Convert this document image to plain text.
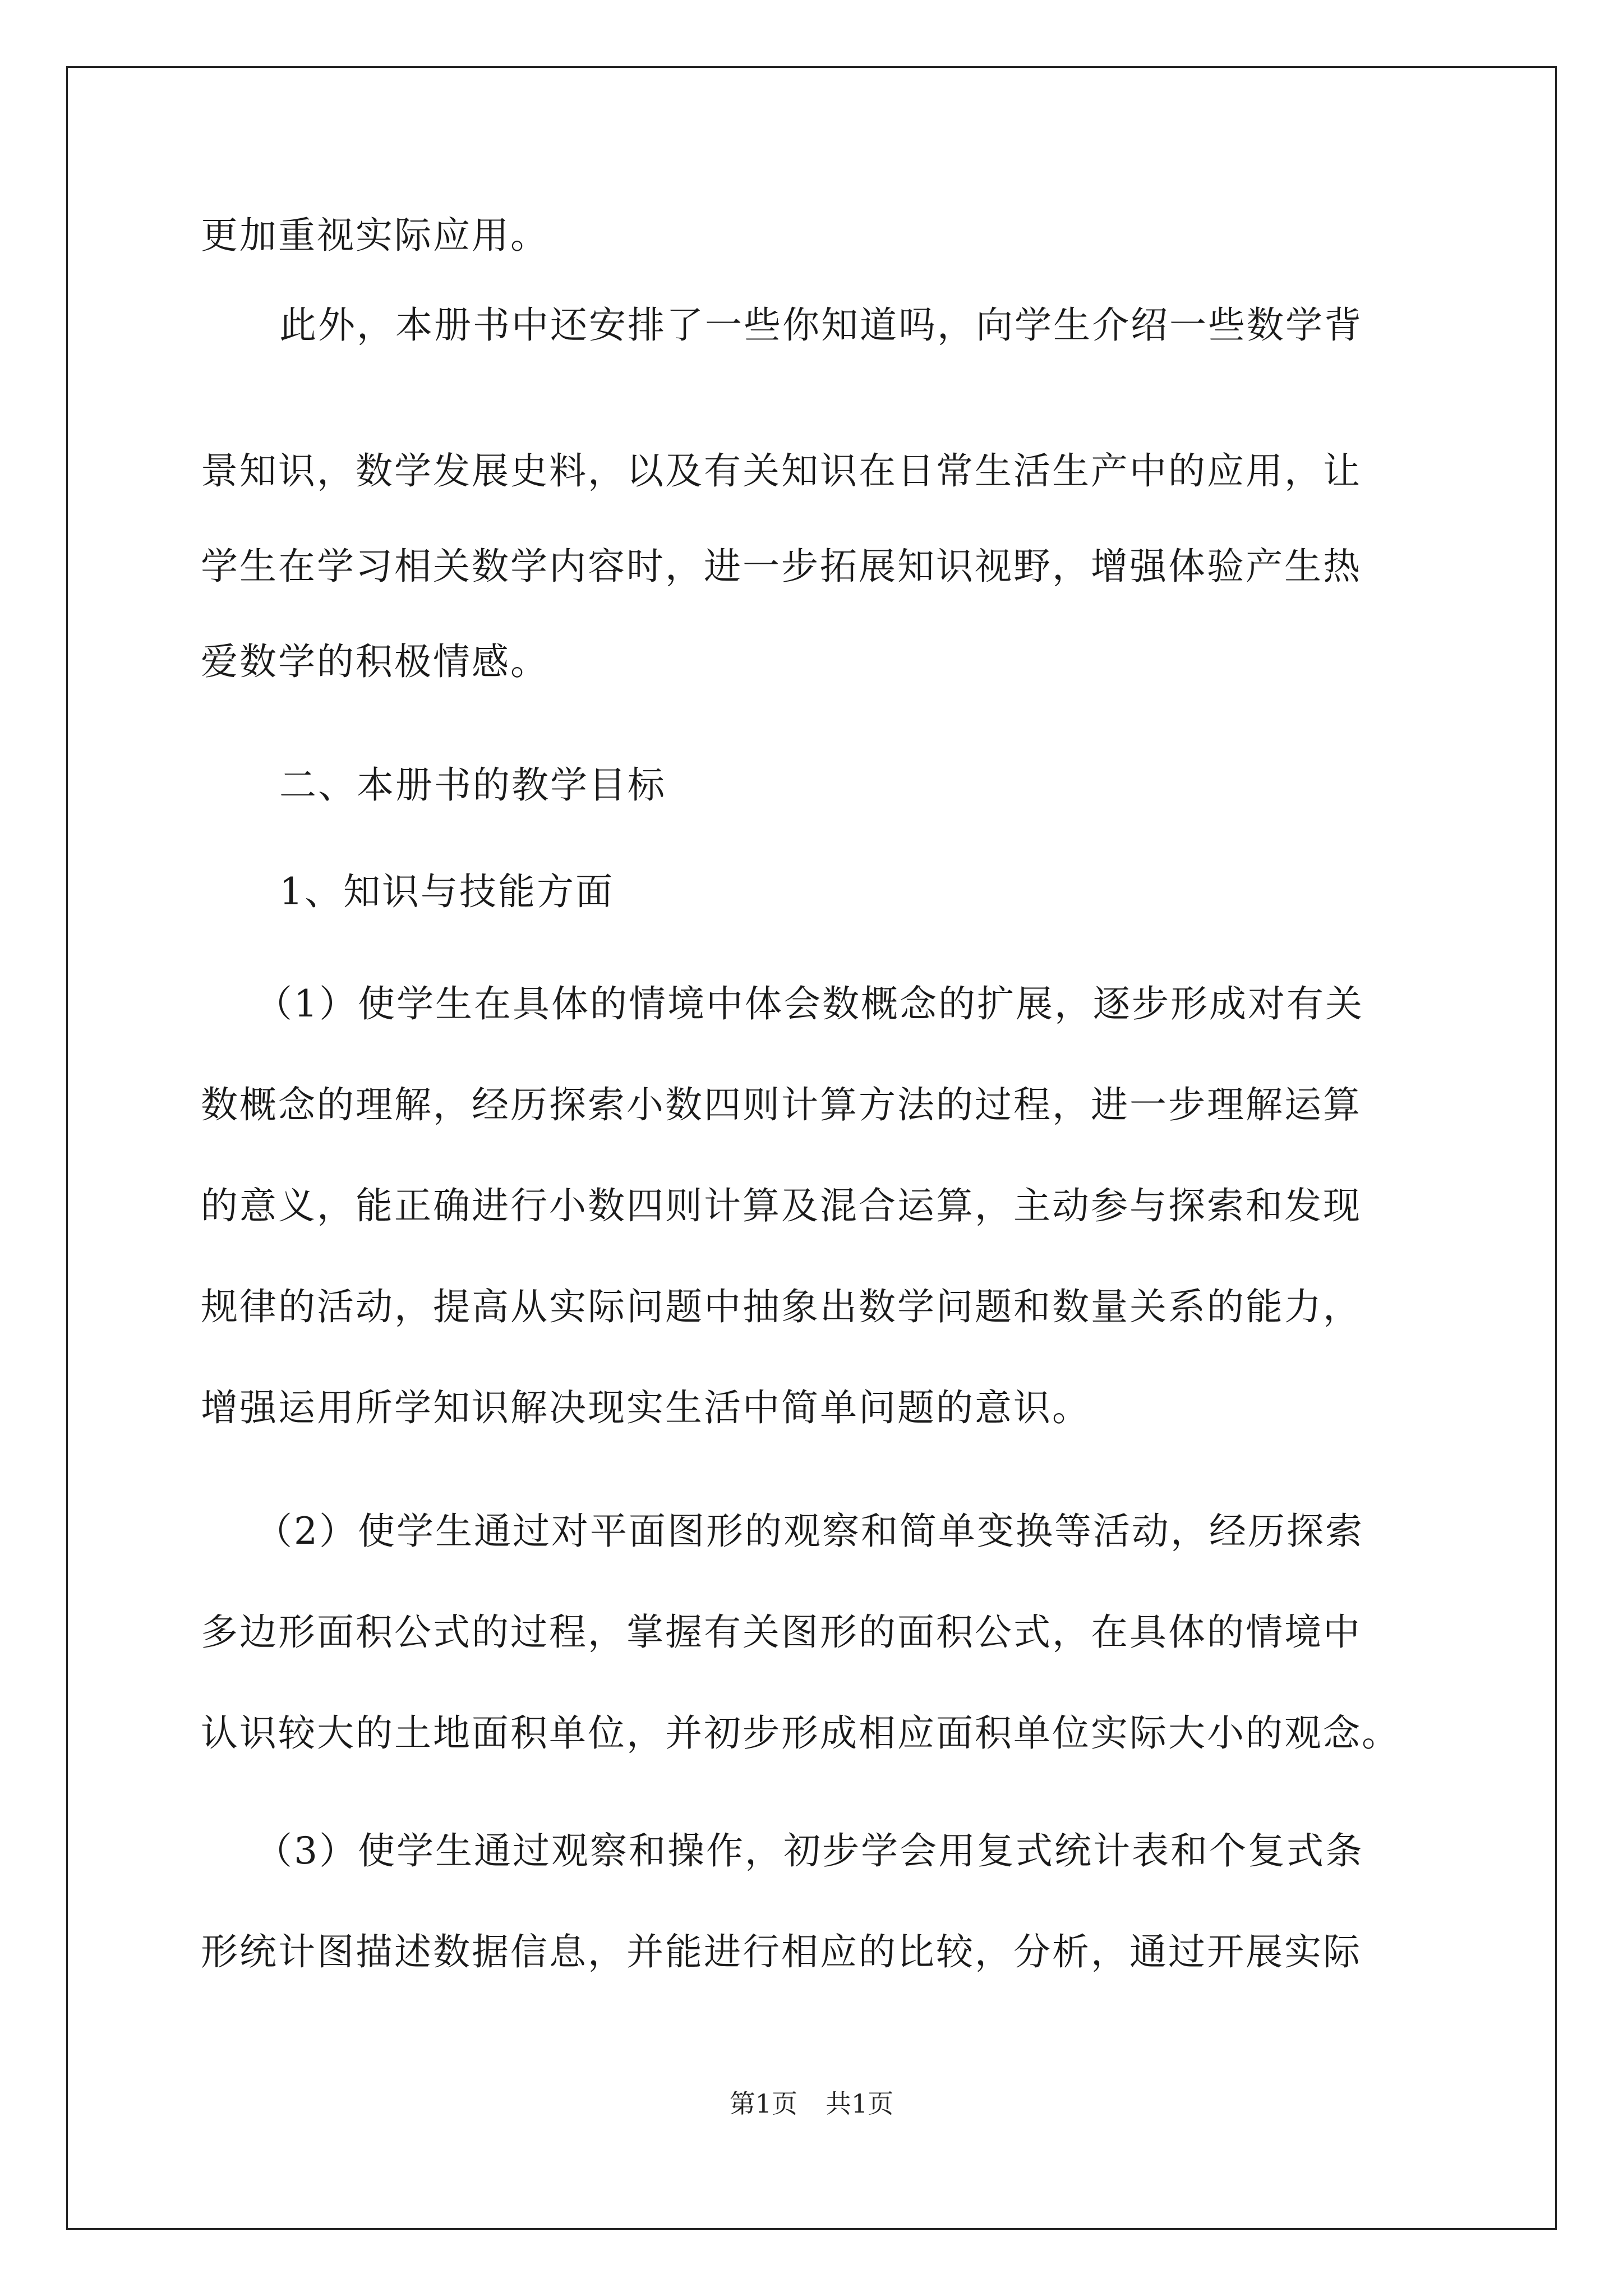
更加重视实际应用。
此外，本册书中还安排了一些你知道吗，向学生介绍一些数学背
景知识，数学发展史料，以及有关知识在日常生活生产中的应用，让
学生在学习相关数学内容时，进一步拓展知识视野，增强体验产生热
爱数学的积极情感。
二、本册书的教学目标
1、知识与技能方面
（1）使学生在具体的情境中体会数概念的扩展，逐步形成对有关
数概念的理解，经历探索小数四则计算方法的过程，进一步理解运算
的意义，能正确进行小数四则计算及混合运算，主动参与探索和发现
规律的活动，提高从实际问题中抽象出数学问题和数量关系的能力，
增强运用所学知识解决现实生活中简单问题的意识。
（2）使学生通过对平面图形的观察和简单变换等活动，经历探索
多边形面积公式的过程，掌握有关图形的面积公式，在具体的情境中
认识较大的土地面积单位，并初步形成相应面积单位实际大小的观念。
（3）使学生通过观察和操作，初步学会用复式统计表和个复式条
形统计图描述数据信息，并能进行相应的比较，分析，通过开展实际
第1页 共1页
